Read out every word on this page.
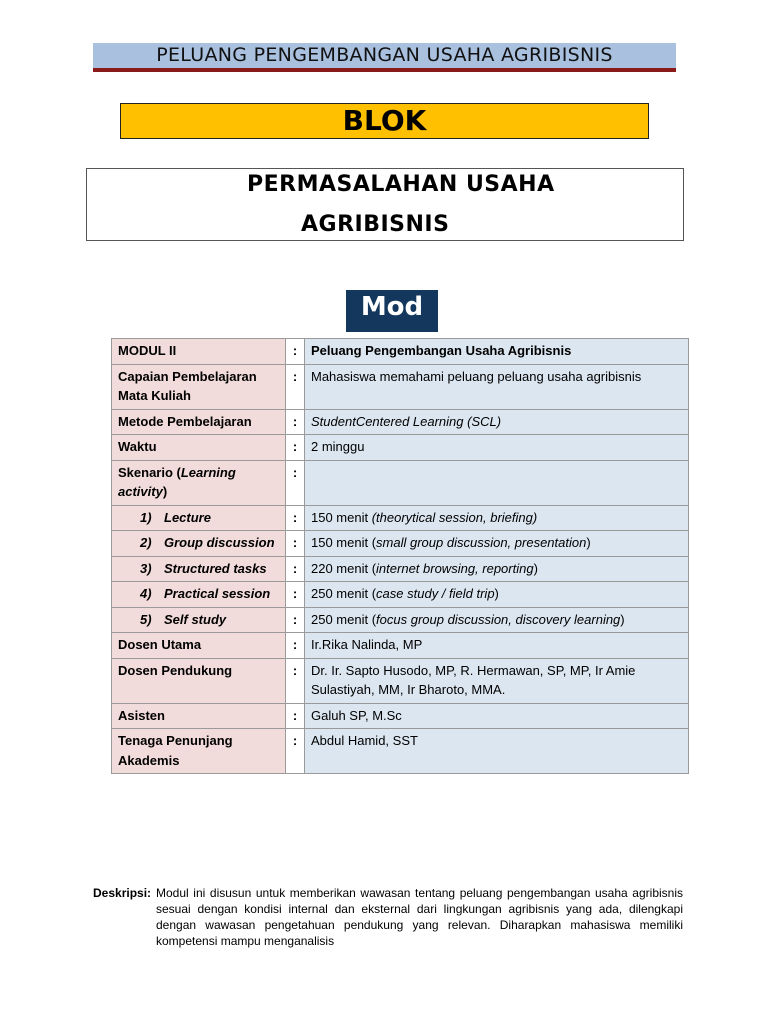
PELUANG PENGEMBANGAN USAHA AGRIBISNIS
BLOK
PERMASALAHAN USAHA
AGRIBISNIS
Mod
MODUL II	:	Peluang Pengembangan Usaha Agribisnis
Capaian Pembelajaran
Mata Kuliah	:	Mahasiswa memahami peluang peluang usaha agribisnis
Metode Pembelajaran	:	StudentCentered Learning (SCL)
Waktu	:	2 minggu
Skenario (Learning
activity)	:	
1) Lecture	:	150 menit (theorytical session, briefing)
2) Group discussion	:	150 menit (small group discussion, presentation)
3) Structured tasks	:	220 menit (internet browsing, reporting)
4) Practical session	:	250 menit (case study / field trip)
5) Self study	:	250 menit (focus group discussion, discovery learning)
Dosen Utama	:	Ir.Rika Nalinda, MP
Dosen Pendukung	:	Dr. Ir. Sapto Husodo, MP, R. Hermawan, SP, MP, Ir Amie
Sulastiyah, MM, Ir Bharoto, MMA.
Asisten	:	Galuh SP, M.Sc
Tenaga Penunjang
Akademis	:	Abdul Hamid, SST
Deskripsi: Modul ini disusun untuk memberikan wawasan tentang peluang pengembangan usaha agribisnis sesuai dengan kondisi internal dan eksternal dari lingkungan agribisnis yang ada, dilengkapi dengan wawasan pengetahuan pendukung yang relevan. Diharapkan mahasiswa memiliki kompetensi mampu menganalisis
